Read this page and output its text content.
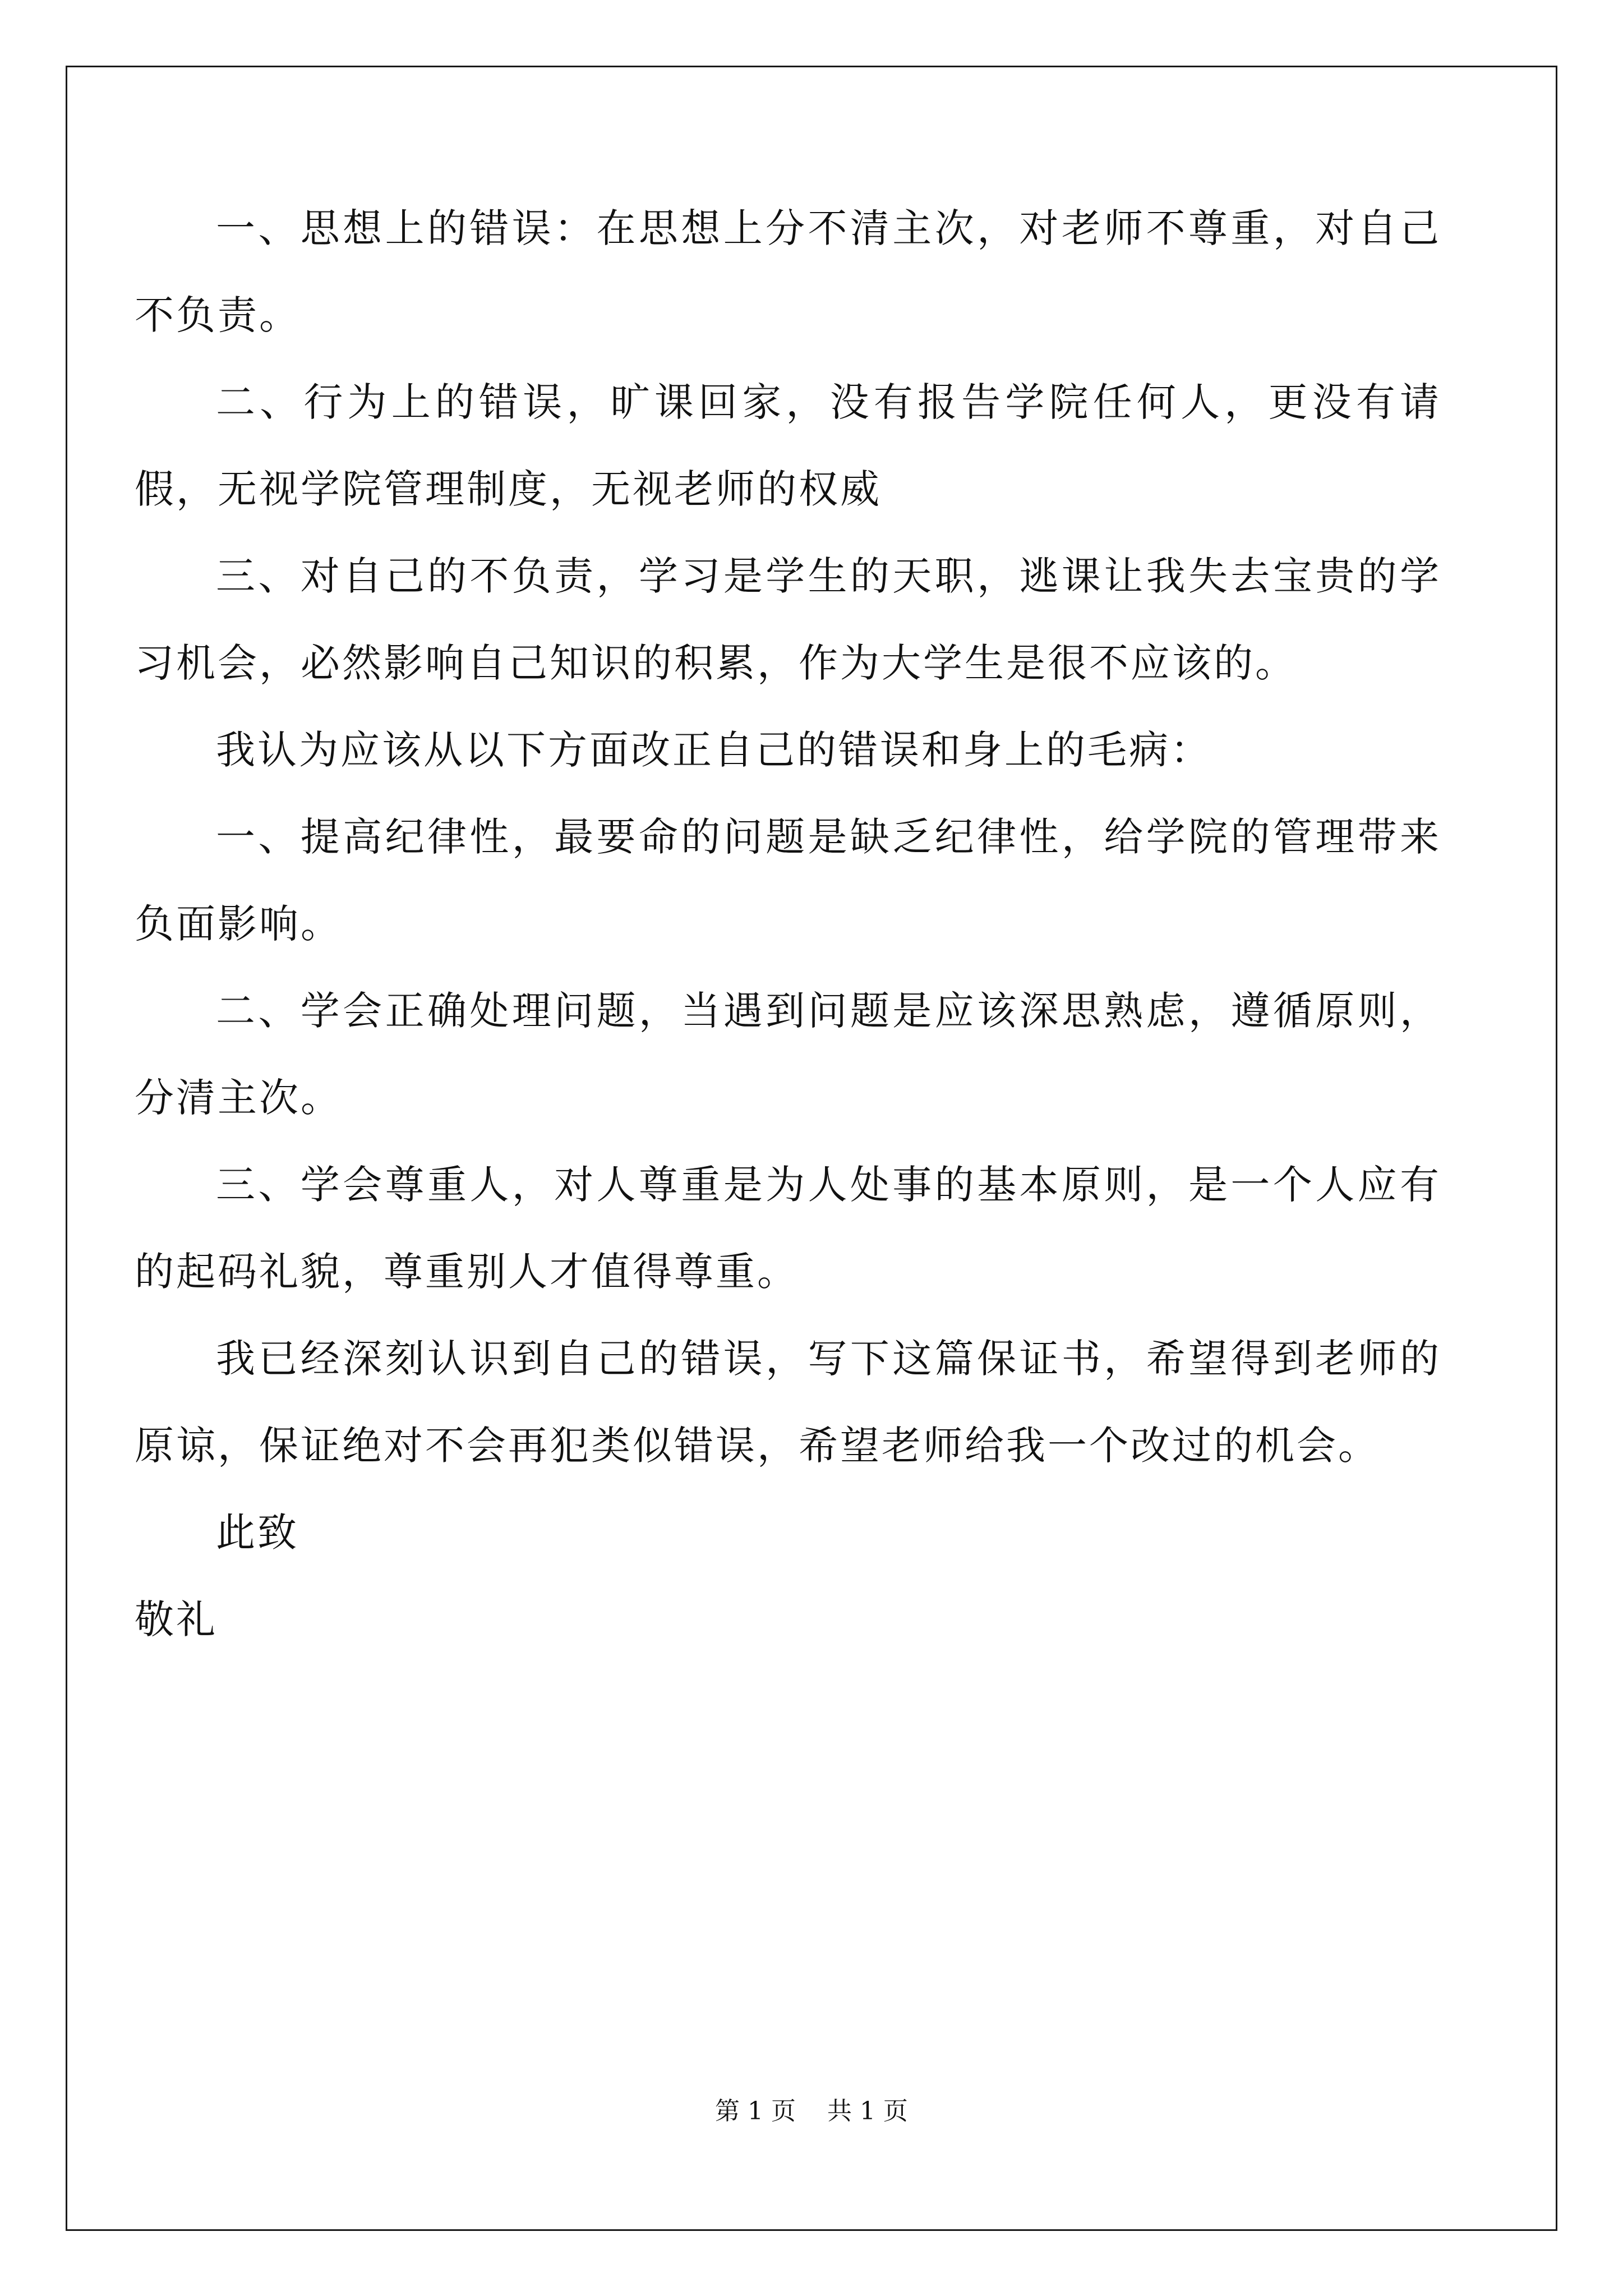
一、思想上的错误：在思想上分不清主次，对老师不尊重，对自己不负责。

二、行为上的错误，旷课回家，没有报告学院任何人，更没有请假，无视学院管理制度，无视老师的权威

三、对自己的不负责，学习是学生的天职，逃课让我失去宝贵的学习机会，必然影响自己知识的积累，作为大学生是很不应该的。

我认为应该从以下方面改正自己的错误和身上的毛病：

一、提高纪律性，最要命的问题是缺乏纪律性，给学院的管理带来负面影响。

二、学会正确处理问题，当遇到问题是应该深思熟虑，遵循原则，分清主次。

三、学会尊重人，对人尊重是为人处事的基本原则，是一个人应有的起码礼貌，尊重别人才值得尊重。

我已经深刻认识到自己的错误，写下这篇保证书，希望得到老师的原谅，保证绝对不会再犯类似错误，希望老师给我一个改过的机会。

此致

敬礼

第 1 页    共 1 页
